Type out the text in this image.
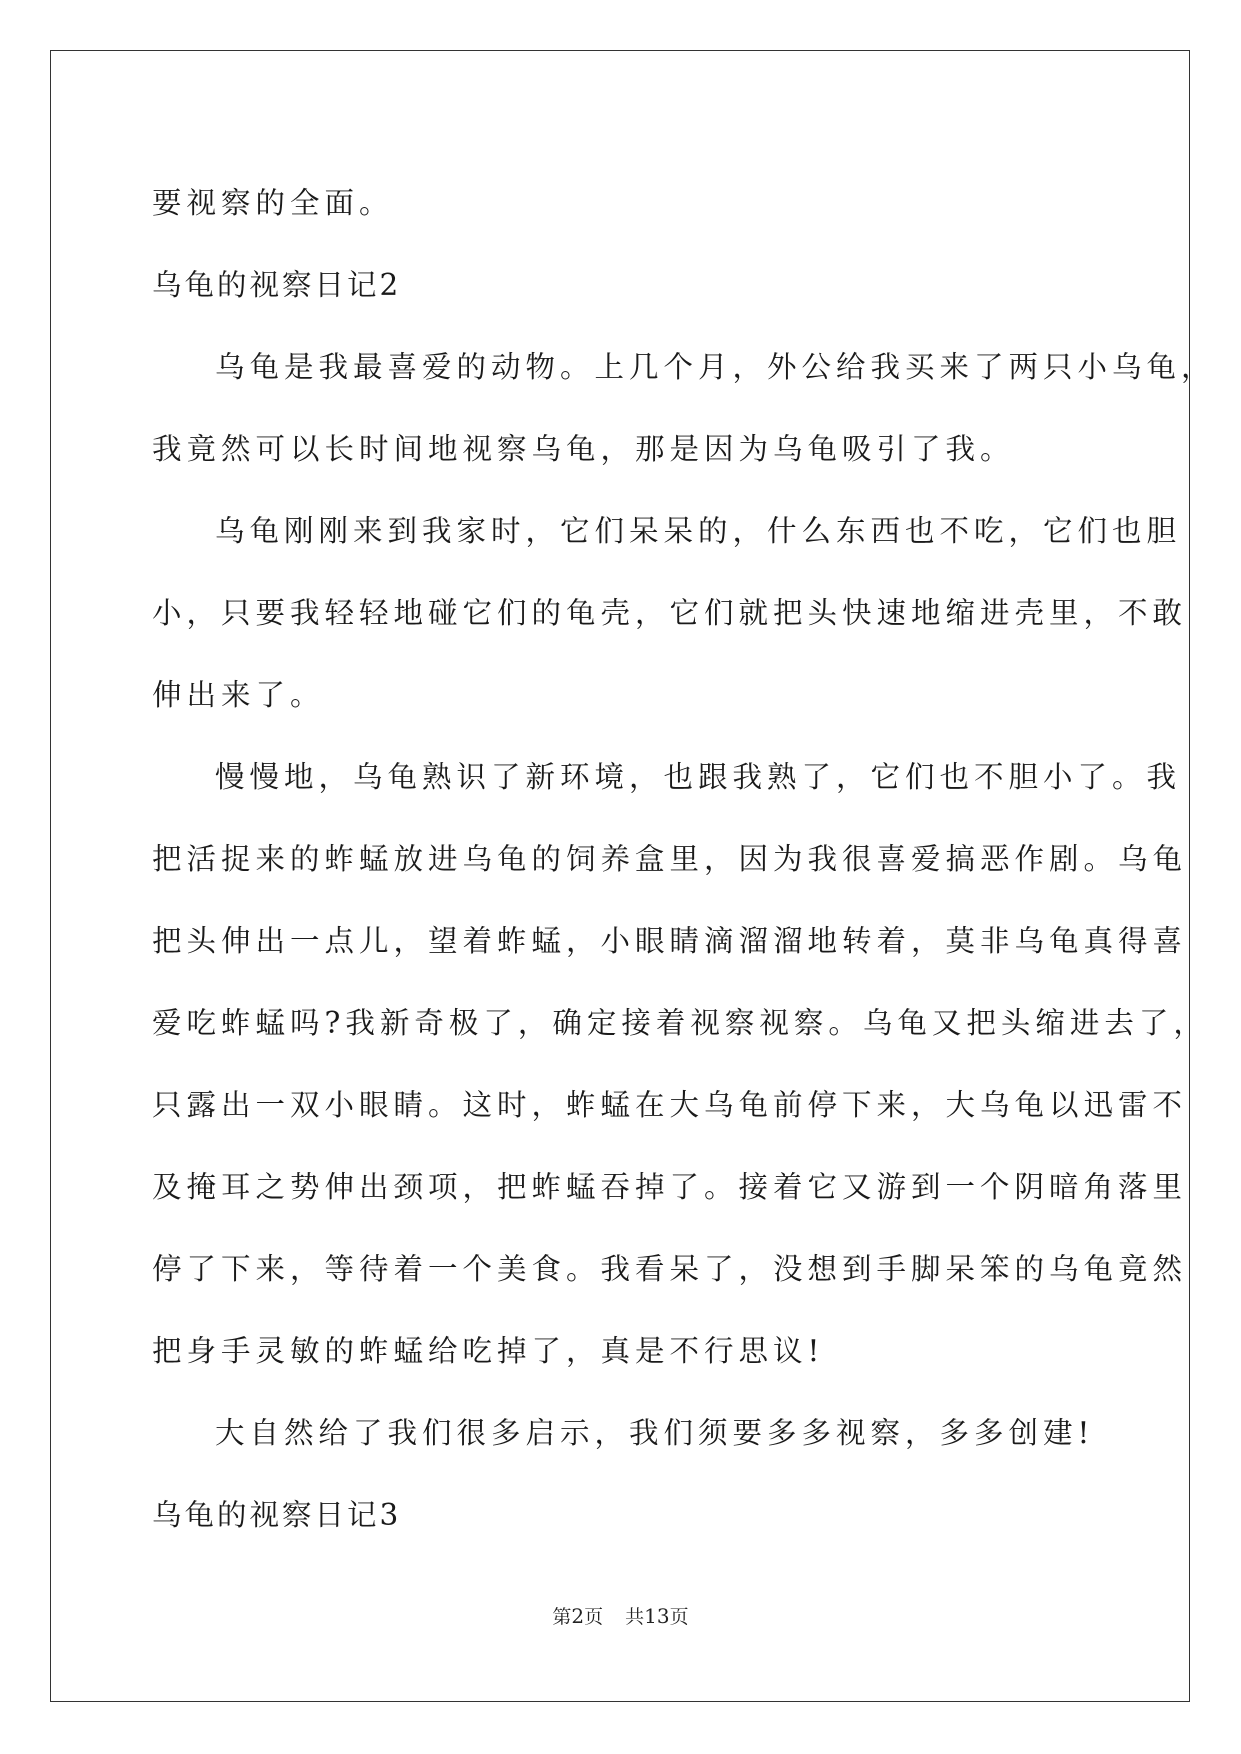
要视察的全面。
乌龟的视察日记2
乌龟是我最喜爱的动物。上几个月，外公给我买来了两只小乌龟，
我竟然可以长时间地视察乌龟，那是因为乌龟吸引了我。
乌龟刚刚来到我家时，它们呆呆的，什么东西也不吃，它们也胆
小，只要我轻轻地碰它们的龟壳，它们就把头快速地缩进壳里，不敢
伸出来了。
慢慢地，乌龟熟识了新环境，也跟我熟了，它们也不胆小了。我
把活捉来的蚱蜢放进乌龟的饲养盒里，因为我很喜爱搞恶作剧。乌龟
把头伸出一点儿，望着蚱蜢，小眼睛滴溜溜地转着，莫非乌龟真得喜
爱吃蚱蜢吗?我新奇极了，确定接着视察视察。乌龟又把头缩进去了，
只露出一双小眼睛。这时，蚱蜢在大乌龟前停下来，大乌龟以迅雷不
及掩耳之势伸出颈项，把蚱蜢吞掉了。接着它又游到一个阴暗角落里
停了下来，等待着一个美食。我看呆了，没想到手脚呆笨的乌龟竟然
把身手灵敏的蚱蜢给吃掉了，真是不行思议!
大自然给了我们很多启示，我们须要多多视察，多多创建!
乌龟的视察日记3
第2页 共13页
